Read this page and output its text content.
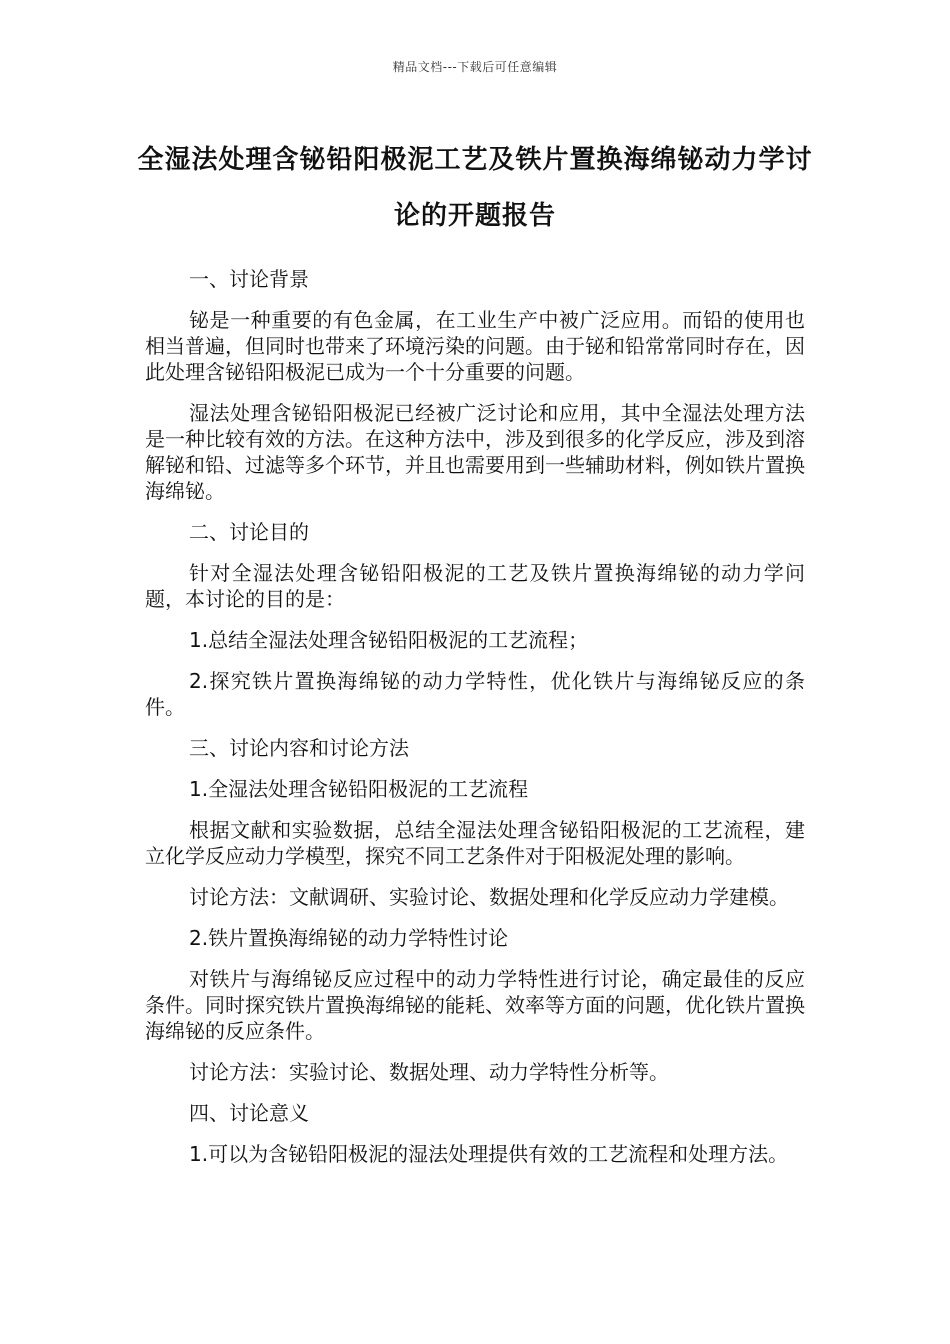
精品文档---下载后可任意编辑
全湿法处理含铋铅阳极泥工艺及铁片置换海绵铋动力学讨论的开题报告

一、讨论背景

铋是一种重要的有色金属，在工业生产中被广泛应用。而铅的使用也相当普遍，但同时也带来了环境污染的问题。由于铋和铅常常同时存在，因此处理含铋铅阳极泥已成为一个十分重要的问题。

湿法处理含铋铅阳极泥已经被广泛讨论和应用，其中全湿法处理方法是一种比较有效的方法。在这种方法中，涉及到很多的化学反应，涉及到溶解铋和铅、过滤等多个环节，并且也需要用到一些辅助材料，例如铁片置换海绵铋。

二、讨论目的

针对全湿法处理含铋铅阳极泥的工艺及铁片置换海绵铋的动力学问题，本讨论的目的是：

1.总结全湿法处理含铋铅阳极泥的工艺流程；

2.探究铁片置换海绵铋的动力学特性，优化铁片与海绵铋反应的条件。

三、讨论内容和讨论方法

1.全湿法处理含铋铅阳极泥的工艺流程

根据文献和实验数据，总结全湿法处理含铋铅阳极泥的工艺流程，建立化学反应动力学模型，探究不同工艺条件对于阳极泥处理的影响。

讨论方法：文献调研、实验讨论、数据处理和化学反应动力学建模。

2.铁片置换海绵铋的动力学特性讨论

对铁片与海绵铋反应过程中的动力学特性进行讨论，确定最佳的反应条件。同时探究铁片置换海绵铋的能耗、效率等方面的问题，优化铁片置换海绵铋的反应条件。

讨论方法：实验讨论、数据处理、动力学特性分析等。

四、讨论意义

1.可以为含铋铅阳极泥的湿法处理提供有效的工艺流程和处理方法。
